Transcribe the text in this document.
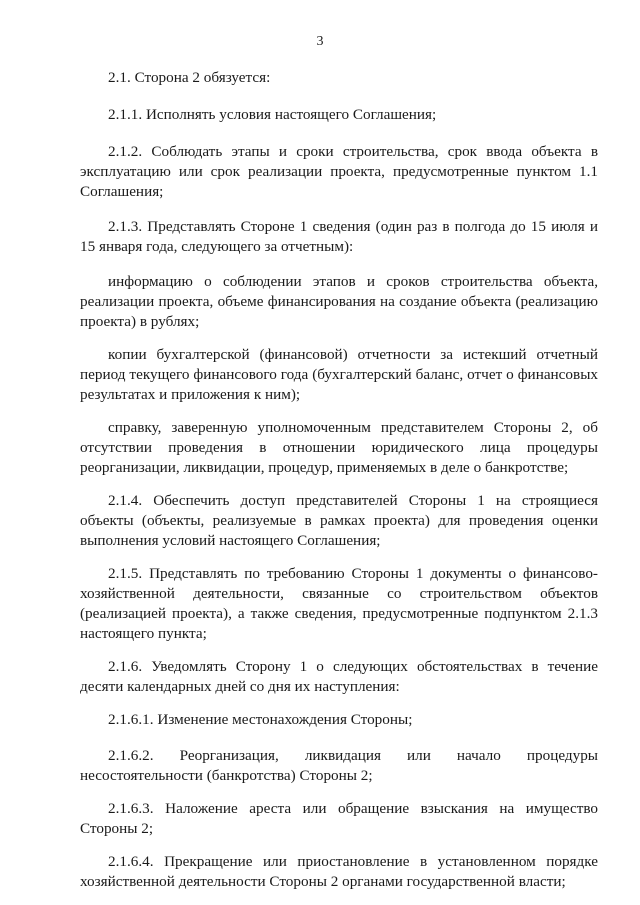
3

2.1. Сторона 2 обязуется:

2.1.1. Исполнять условия настоящего Соглашения;

2.1.2. Соблюдать этапы и сроки строительства, срок ввода объекта в эксплуатацию или срок реализации проекта, предусмотренные пунктом 1.1 Соглашения;

2.1.3. Представлять Стороне 1 сведения (один раз в полгода до 15 июля и 15 января года, следующего за отчетным):

информацию о соблюдении этапов и сроков строительства объекта, реализации проекта, объеме финансирования на создание объекта (реализацию проекта) в рублях;

копии бухгалтерской (финансовой) отчетности за истекший отчетный период текущего финансового года (бухгалтерский баланс, отчет о финансовых результатах и приложения к ним);

справку, заверенную уполномоченным представителем Стороны 2, об отсутствии проведения в отношении юридического лица процедуры реорганизации, ликвидации, процедур, применяемых в деле о банкротстве;

2.1.4. Обеспечить доступ представителей Стороны 1 на строящиеся объекты (объекты, реализуемые в рамках проекта) для проведения оценки выполнения условий настоящего Соглашения;

2.1.5. Представлять по требованию Стороны 1 документы о финансово-хозяйственной деятельности, связанные со строительством объектов (реализацией проекта), а также сведения, предусмотренные подпунктом 2.1.3 настоящего пункта;

2.1.6. Уведомлять Сторону 1 о следующих обстоятельствах в течение десяти календарных дней со дня их наступления:

2.1.6.1. Изменение местонахождения Стороны;

2.1.6.2. Реорганизация, ликвидация или начало процедуры несостоятельности (банкротства) Стороны 2;

2.1.6.3. Наложение ареста или обращение взыскания на имущество Стороны 2;

2.1.6.4. Прекращение или приостановление в установленном порядке хозяйственной деятельности Стороны 2 органами государственной власти;
